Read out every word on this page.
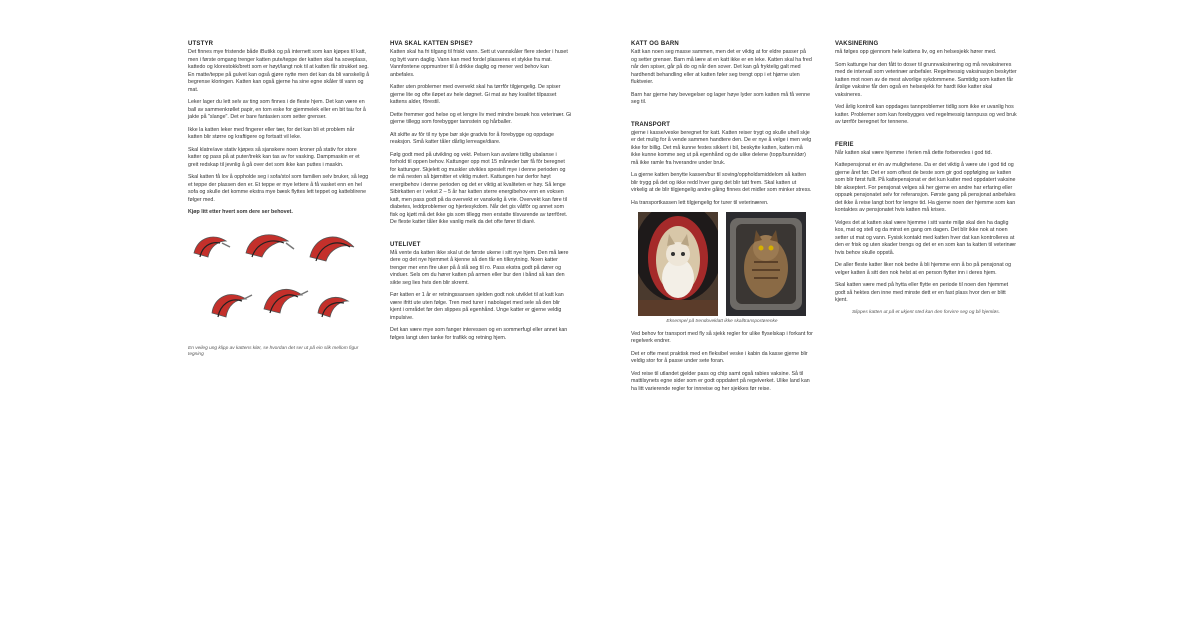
UTSTYR
Det finnes mye fristende både iButikk og på internett som kan kjøpes til katt, men i første omgang trenger katten pute/teppe der katten skal ha soveplass, kattedo og klorestokk/brett som er høyt/langt nok til at katten får strukket seg. En matte/teppe på gulvet kan også gjøre nytte men det kan da bli vanskelig å begrense kloringen. Katten kan også gjerne ha sine egne skåler til vann og mat.
Leker lager du lett selv av ting som finnes i de fleste hjem. Det kan være en ball av sammenkrøllet papir, en tom eske for gjemmelek eller en bit tau for å jakte på "slange". Det er bare fantasien som setter grenser.
Ikke la katten leker med fingerer eller tær, for det kan bli et problem når katten blir større og kraftigere og fortsatt vil leke.
Skal klatre/ave stativ kjøpes så sjanskere noen kroner på stativ for store katter og pass på at puter/trekk kan tas av for vasking. Dampmaskin er et greit redskap til jevnlig å gå over det som ikke kan puttes i maskin.
Skal katten få lov å oppholde seg i sofa/stol som familien selv bruker, så legg et teppe der plassen den er. Et teppe er mye lettere å få vasket enn en hel sofa og skulle det komme ekstra mye bæsk flyttes lett teppet og katteblirene følger med.
Kjøp litt etter hvert som dere ser behovet.
En veileg ung klipp av kattens klør, se hvordan det ser ut på ein slik mellom figur tegning
HVA SKAL KATTEN SPISE?
Katten skal ha fri tilgang til friskt vann. Sett ut vannskåler flere steder i huset og bytt vann daglig. Vann kan med fordel plasseres et stykke fra mat. Vannfontene oppmuntrer til å drikke daglig og mener ved behov kan anbefales.
Katter uten problemer med overvekt skal ha tørrfôr tilgjengelig. De spiser gjerne lite og ofte iløpet av hele døgnet. Gi mat av høy kvalitet tilpasset kattens alder, fôrestil.
Dette fremmer god helse og et lengre liv med mindre besøk hos veterinær. Gi gjerne tillegg som forebygger tannstein og hårballer.
Alt skifte av fôr til ny type bør skje gradvis for å forebygge og oppdage reaksjon. Små katter tåler dårlig lerreage/diare.
Følg godt med på utvikling og vekt. Pelsen kan avsløre tidlig ubalanse i forhold til oppen behov. Kattunger opp mot 15 måneder bør få fôr beregnet for kattunger. Skjelett og muskler utvikles spesielt mye i denne perioden og de må nesten så bjørnitter et viktig mutert. Kattungen har derfor høyt energibehov i denne perioden og det er viktig at kvaliteten er høy. Så lenge Sibirkatten er i vekst 2 – 5 år har katten sterre energibehov enn en voksen katt, men pass godt på da overvekt er vanskelig å vrie. Overvekt kan føre til diabetes, leddproblemer og hjertesykdom. Når det gis våtfôr og annet som fisk og kjøtt må det ikke gis som tillegg men erstatte tilsvarende av tørrfôret. De fleste katter tåler ikke vanlig melk da det ofte fører til diaré.
UTELIVET
Må vente da katten ikke skal ut de første ukene i sitt nye hjem. Den må lære dere og det nye hjemmet å kjenne så den får en tilknytning. Noen katter trenger mer enn fire uker på å slå seg til ro. Pass ekstra godt på dører og vinduer. Sels om du hører katten på armen eller bur den i bånd så kan den sikte seg lies hvis den blir skremt.
Før katten er 1 år er retningssansen sjelden godt nok utviklet til at katt kan være ifritt ute uten følge. Tren med turer i nabolaget med sele så den blir kjent i området før den slippes på egenhånd. Unge katter er gjerne veldig impulsive.
Det kan være mye som fanger interessen og en sommerfugl eller annet kan følges langt uten tanke for trafikk og retning hjem.
KATT OG BARN
Katt kan noen seg masse sammen, men det er viktig at for eldre passer på og setter grenser. Barn må lære at en katt ikke er en leke. Katten skal ha fred når den spiser, går på do og når den sover. Det kan gå fryktelig galt med hardhendt behandling eller at katten føler seg trengt opp i et hjørne uten fluktveier.
Barn har gjerne høy bevegelser og lager høye lyder som katten må få venne seg til.
TRANSPORT
gjerne i kasse/veske beregnet for katt. Katten reiser trygt og skulle uhell skje er det mulig for å vende sammen handtere den. De er nye å velge i men velg ikke for billig. Det må kunne festes sikkert i bil, beskytte katten, katten må ikke kunne komme seg ut på egenhånd og de ulike delene (topp/bunn/dør) må ikke ramle fra hverandre under bruk.
La gjerne katten benytte kassen/bur til soving/oppholdsmiddelom så katten blir trygg på det og ikke redd hver gang det blir tatt frem. Skal katten ut virkelig at de blir tilgjengelig andre gåing finnes det midler som minker stress.
Ha transportkassen lett tilgjengelig for turer til veterinæren.
Eksempel på trendoveklatt ikke skalltransportørenke
Ved behov for transport med fly så sjekk regler for ulike flyselskap i forkant for regelverk endrer.
Det er ofte mest praktisk med en fleksibel veske i kabin da kasse gjerne blir veldig stor for å passe under sete foran.
Ved reise til utlandet gjelder pass og chip samt også rabies vaksine. Så til mattilsynets egne sider som er godt oppdatert på regelverket. Ulike land kan ha litt varierende regler for innreise og her sjekkes før reise.
VAKSINERING
må følges opp gjennom hele kattens liv, og en helsesjekk hører med.
Som kattunge har den fått to doser til grunnvaksinering og må revaksineres med de intervall som veterinær anbefaler. Regelmessig vaksinasjon beskytter katten mot noen av de mest alvorlige sykdommene. Samtidig som katten får årslige vaksine får den også en helsesjekk for hardt ikke katter skal vaksineres.
Ved årlig kontroll kan oppdages tannproblemer tidlig som ikke er uvanlig hos katter. Problemer som kan forebygges ved regelmessig tannpuss og ved bruk av tørrfôr beregnet for tennene.
FERIE
Når katten skal være hjemme i ferien må dette forberedes i god tid.
Kattepensjonat er én av mulighetene. Da er det viktig å være ute i god tid og gjerne året før. Det er som oftest de beste som gir god oppfølging av katten som blir først fullt. På kattepensjonat er det kun katter med oppdatert vaksine blir akseptert. For pensjonat velges så her gjerne en andre har erfaring eller oppsøk pensjonatet selv for referansjon. Første gang på pensjonat anbefales det ikke å reise langt bort for lengre tid. Ha gjerne noen der hjemme som kan kontaktes av pensjonatet hvis katten må krises.
Velges det at katten skal være hjemme i sitt vante miljø skal den ha daglig kos, mat og stell og da minst en gang om dagen. Det blir ikke nok at noen setter ut mat og vann. Fysisk kontakt med katten hver dat kan kontrolleres at den er frisk og uten skader trengs og det er en som kan ta katten til veterinær hvis behov skulle oppstå.
De aller fleste katter liker nok bedre å bli hjemme enn å bo på pensjonat og velger katten å sitt den nok helst at en person flytter inn i deres hjem.
Skal katten være med på hytta eller flytte en periode til noen den hjemmet godt så hektes den inne med minste dett er en fast plass hvor den er blitt kjent.
Slippes katten ut på et ukjent sted kan den forvirre seg og bli hjemløs.
